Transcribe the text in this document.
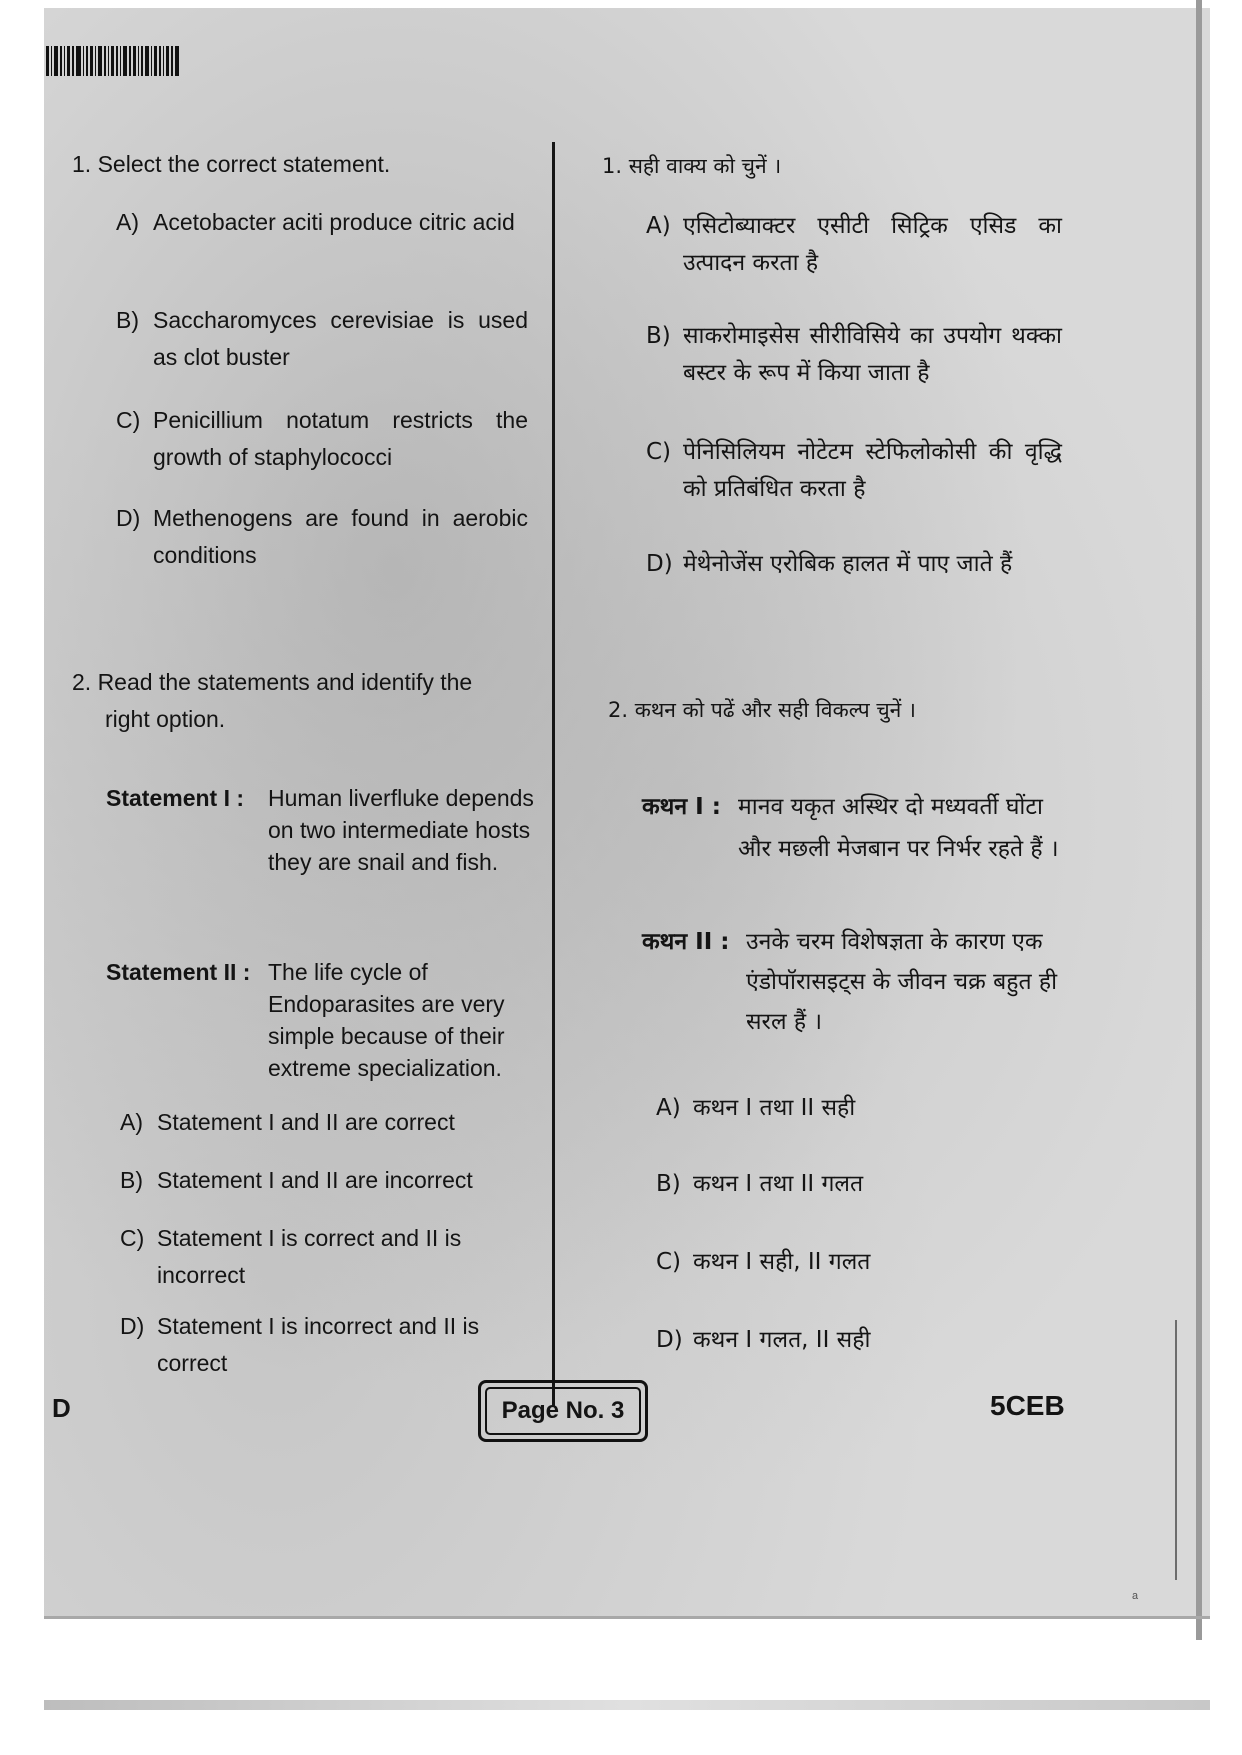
1. Select the correct statement.

A) Acetobacter aciti produce citric acid
B) Saccharomyces cerevisiae is used as clot buster
C) Penicillium notatum restricts the growth of staphylococci
D) Methenogens are found in aerobic conditions

2. Read the statements and identify the

right option.

Statement I :	Human liverfluke depends on two intermediate hosts they are snail and fish.
Statement II : The life cycle of Endoparasites are very simple because of their extreme specialization.
A) Statement I and II are correct
B) Statement I and II are incorrect
C) Statement I is correct and II is incorrect
D) Statement I is incorrect and II is correct

1. सही वाक्य को चुनें ।

A) एसिटोब्याक्टर एसीटी सिट्रिक एसिड का उत्पादन करता है
B) साकरोमाइसेस सीरीविसिये का उपयोग थक्का बस्टर के रूप में किया जाता है
C) पेनिसिलियम नोटेटम स्टेफिलोकोसी की वृद्धि को प्रतिबंधित करता है
D) मेथेनोजेंस एरोबिक हालत में पाए जाते हैं

2. कथन को पढें और सही विकल्प चुनें ।

कथन I : मानव यकृत अस्थिर दो मध्यवर्ती घोंटा और मछली मेजबान पर निर्भर रहते हैं ।
कथन II : उनके चरम विशेषज्ञता के कारण एक एंडोपॉरासइट्स के जीवन चक्र बहुत ही सरल हैं ।
A) कथन I तथा II सही
B) कथन I तथा II गलत
C) कथन I सही, II गलत
D) कथन I गलत, II सही
D	Page No. 3	5CEB
ᵃ
